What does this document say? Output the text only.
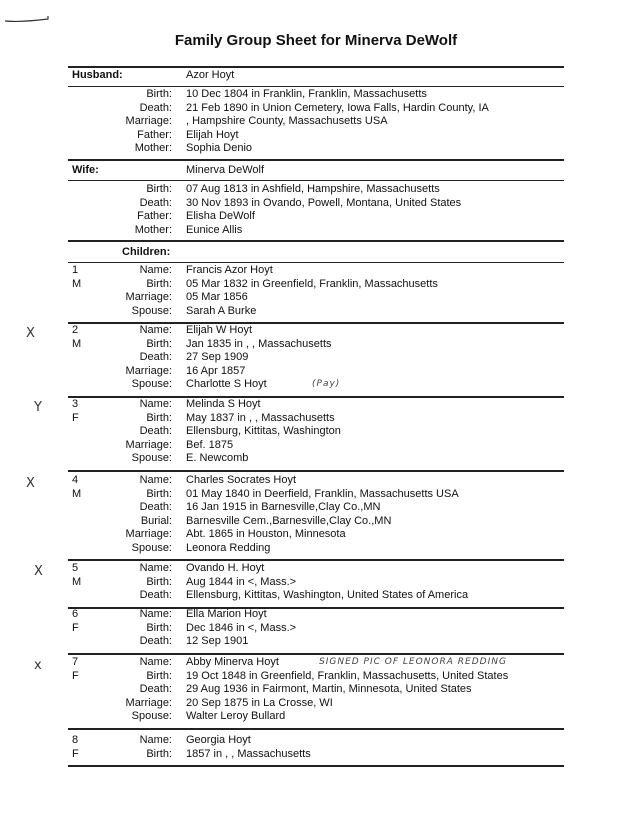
Family Group Sheet for Minerva DeWolf
Husband:	Azor Hoyt
Birth: 10 Dec 1804 in Franklin, Franklin, Massachusetts
Death: 21 Feb 1890 in Union Cemetery, Iowa Falls, Hardin County, IA
Marriage: , Hampshire County, Massachusetts USA
Father: Elijah Hoyt
Mother: Sophia Denio
Wife:	Minerva DeWolf
Birth: 07 Aug 1813 in Ashfield, Hampshire, Massachusetts
Death: 30 Nov 1893 in Ovando, Powell, Montana, United States
Father: Elisha DeWolf
Mother: Eunice Allis
Children:
1
M
Name: Francis Azor Hoyt
Birth: 05 Mar 1832 in Greenfield, Franklin, Massachusetts
Marriage: 05 Mar 1856
Spouse: Sarah A Burke
2
M
X	Name: Elijah W Hoyt
Birth: Jan 1835 in , , Massachusetts
Death: 27 Sep 1909
Marriage: 16 Apr 1857
Spouse: Charlotte S Hoyt	(Pay)
3
F
Y	Name: Melinda S Hoyt
Birth: May 1837 in , , Massachusetts
Death: Ellensburg, Kittitas, Washington
Marriage: Bef. 1875
Spouse: E. Newcomb
4
M
X	Name: Charles Socrates Hoyt
Birth: 01 May 1840 in Deerfield, Franklin, Massachusetts USA
Death: 16 Jan 1915 in Barnesville,Clay Co.,MN
Burial: Barnesville Cem.,Barnesville,Clay Co.,MN
Marriage: Abt. 1865 in Houston, Minnesota
Spouse: Leonora Redding
5
M
X	Name: Ovando H. Hoyt
Birth: Aug 1844 in <, Mass.>
Death: Ellensburg, Kittitas, Washington, United States of America
6
F
Name: Ella Marion Hoyt
Birth: Dec 1846 in <, Mass.>
Death: 12 Sep 1901
7
F
x	Name: Abby Minerva Hoyt	SIGNED PIC OF LEONORA REDDING
Birth: 19 Oct 1848 in Greenfield, Franklin, Massachusetts, United States
Death: 29 Aug 1936 in Fairmont, Martin, Minnesota, United States
Marriage: 20 Sep 1875 in La Crosse, WI
Spouse: Walter Leroy Bullard
8
F
Name: Georgia Hoyt
Birth: 1857 in , , Massachusetts
